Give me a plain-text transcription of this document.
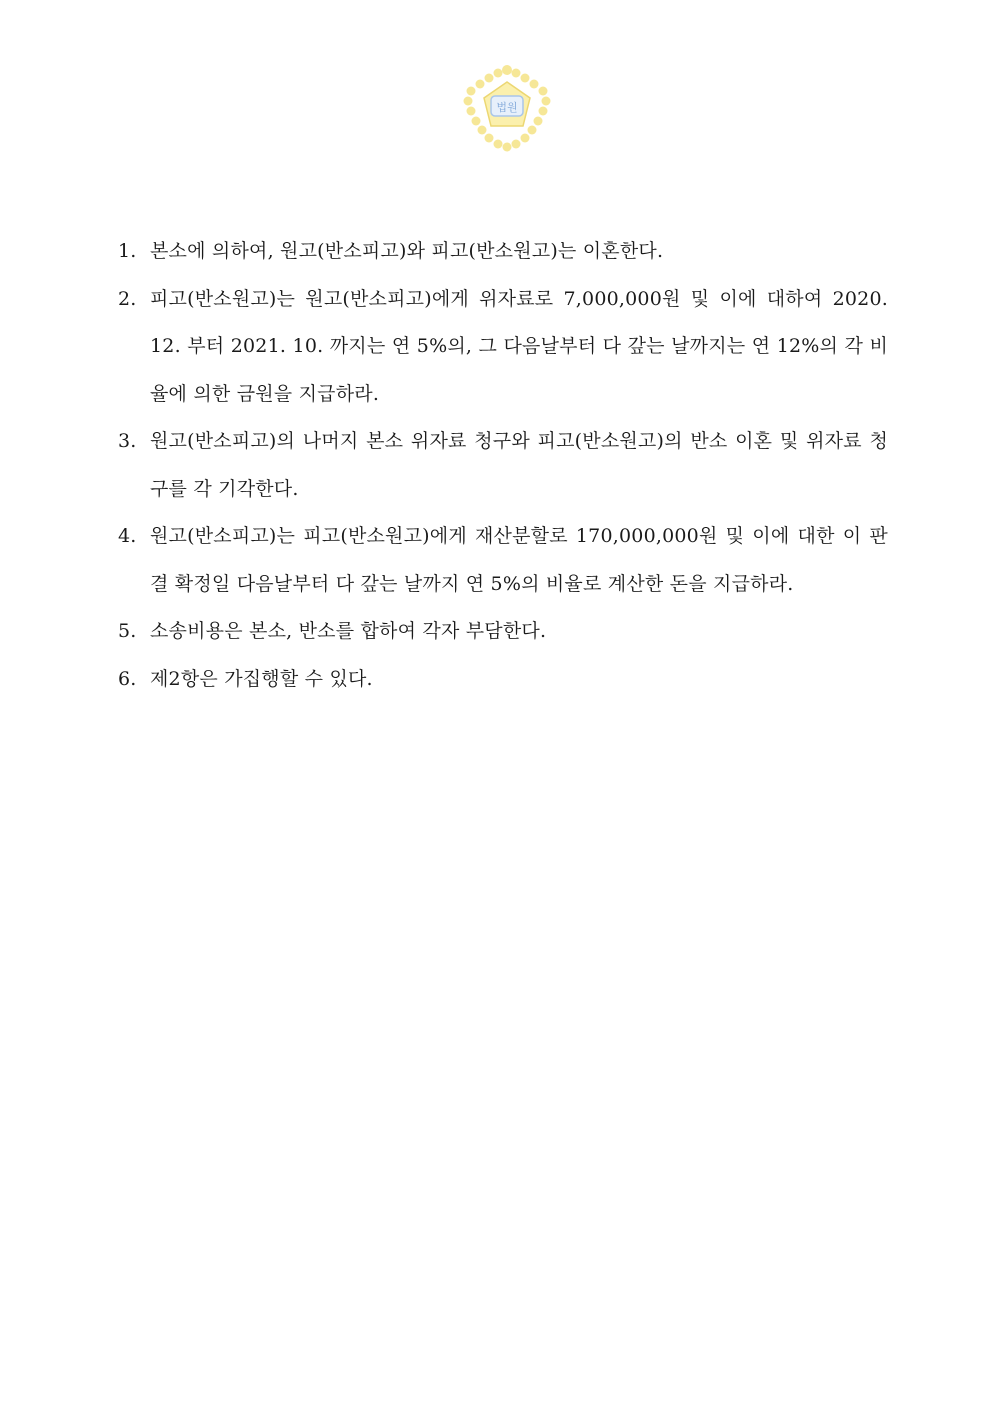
법원
1. 본소에 의하여, 원고(반소피고)와 피고(반소원고)는 이혼한다.
2. 피고(반소원고)는 원고(반소피고)에게 위자료로 7,000,000원 및 이에 대하여 2020. 12. 부터 2021. 10. 까지는 연 5%의, 그 다음날부터 다 갚는 날까지는 연 12%의 각 비율에 의한 금원을 지급하라.
3. 원고(반소피고)의 나머지 본소 위자료 청구와 피고(반소원고)의 반소 이혼 및 위자료 청구를 각 기각한다.
4. 원고(반소피고)는 피고(반소원고)에게 재산분할로 170,000,000원 및 이에 대한 이 판결 확정일 다음날부터 다 갚는 날까지 연 5%의 비율로 계산한 돈을 지급하라.
5. 소송비용은 본소, 반소를 합하여 각자 부담한다.
6. 제2항은 가집행할 수 있다.
